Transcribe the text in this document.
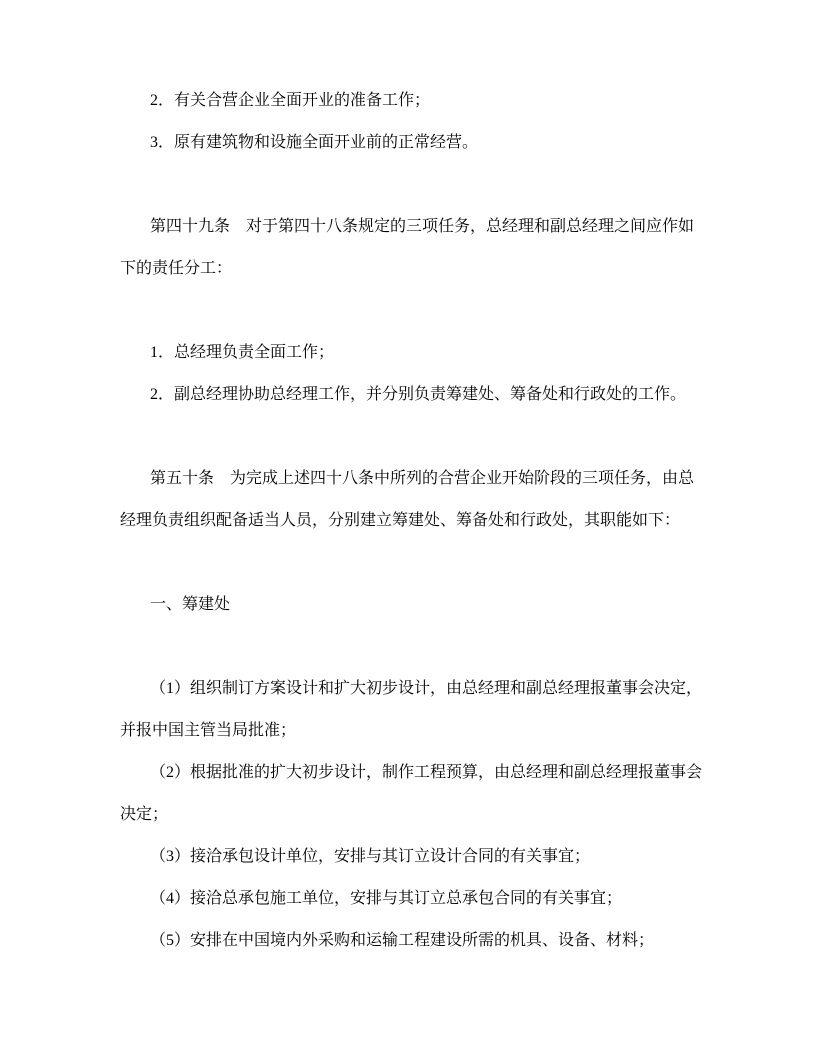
2．有关合营企业全面开业的准备工作；
3．原有建筑物和设施全面开业前的正常经营。
第四十九条　对于第四十八条规定的三项任务，总经理和副总经理之间应作如
下的责任分工：
1．总经理负责全面工作；
2．副总经理协助总经理工作，并分别负责筹建处、筹备处和行政处的工作。
第五十条　为完成上述四十八条中所列的合营企业开始阶段的三项任务，由总
经理负责组织配备适当人员，分别建立筹建处、筹备处和行政处，其职能如下：
一、筹建处
（1）组织制订方案设计和扩大初步设计，由总经理和副总经理报董事会决定，
并报中国主管当局批准；
（2）根据批准的扩大初步设计，制作工程预算，由总经理和副总经理报董事会
决定；
（3）接洽承包设计单位，安排与其订立设计合同的有关事宜；
（4）接洽总承包施工单位，安排与其订立总承包合同的有关事宜；
（5）安排在中国境内外采购和运输工程建设所需的机具、设备、材料；
